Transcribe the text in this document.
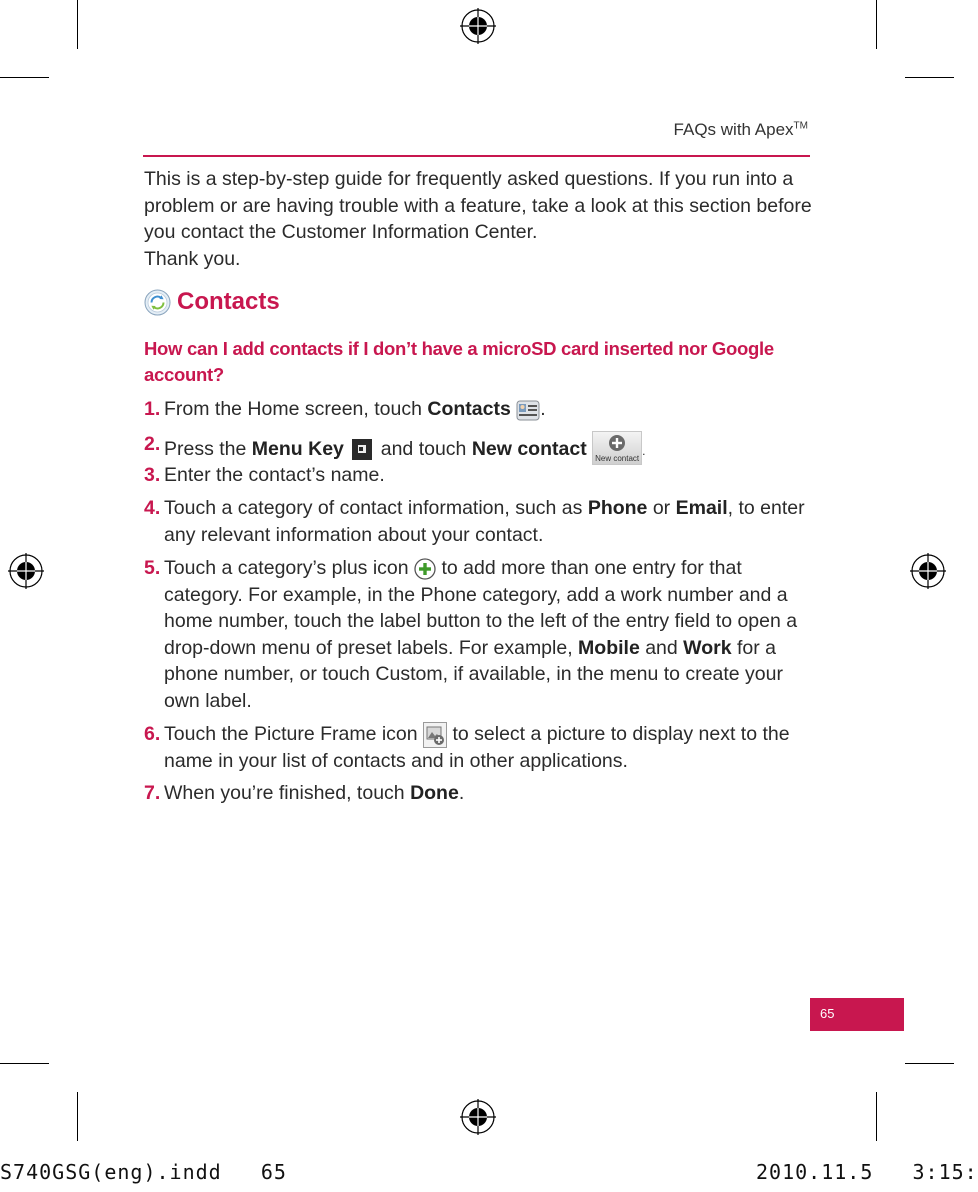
FAQs with Apex™

This is a step-by-step guide for frequently asked questions. If you run into a problem or are having trouble with a feature, take a look at this section before you contact the Customer Information Center.

Thank you.

Contacts
How can I add contacts if I don’t have a microSD card inserted nor Google account?
1. From the Home screen, touch Contacts .
2. Press the Menu Key  and touch New contact	New contact
.
3. Enter the contact’s name.
4. Touch a category of contact information, such as Phone or Email, to enter any relevant information about your contact.
5. Touch a category’s plus icon  to add more than one entry for that category. For example, in the Phone category, add a work number and a home number, touch the label button to the left of the entry field to open a drop-down menu of preset labels. For example, Mobile and Work for a phone number, or touch Custom, if available, in the menu to create your own label.
6. Touch the Picture Frame icon  to select a picture to display next to the name in your list of contacts and in other applications.
7. When you’re finished, touch Done.
65
S740GSG(eng).indd   65	2010.11.5   3:15:
